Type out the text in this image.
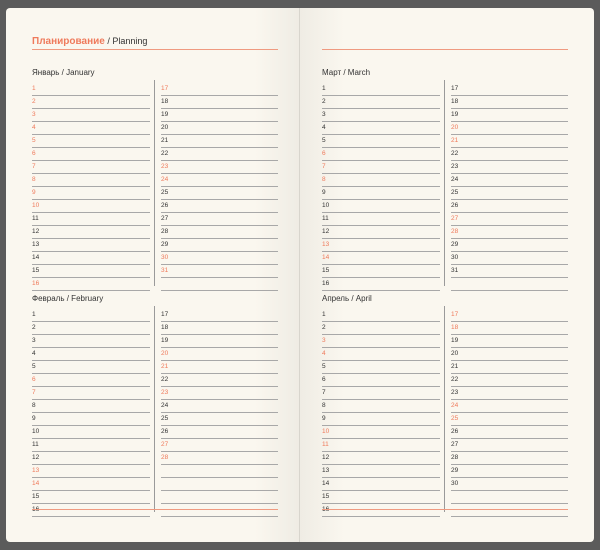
Планирование / Planning
Январь / January
1
2
3
4
5
6
7
8
9
10
11
12
13
14
15
16
17
18
19
20
21
22
23
24
25
26
27
28
29
30
31
Февраль / February
1
2
3
4
5
6
7
8
9
10
11
12
13
14
15
17
18
19
20
21
22
23
24
25
26
27
28
Март / March
1
2
3
4
5
6
7
8
9
10
11
12
13
14
15
16
17
18
19
20
21
22
23
24
25
26
27
28
29
30
31
Апрель / April
1
2
3
4
5
6
7
8
9
10
11
12
13
14
15
17
18
19
20
21
22
23
24
25
26
27
28
29
30
